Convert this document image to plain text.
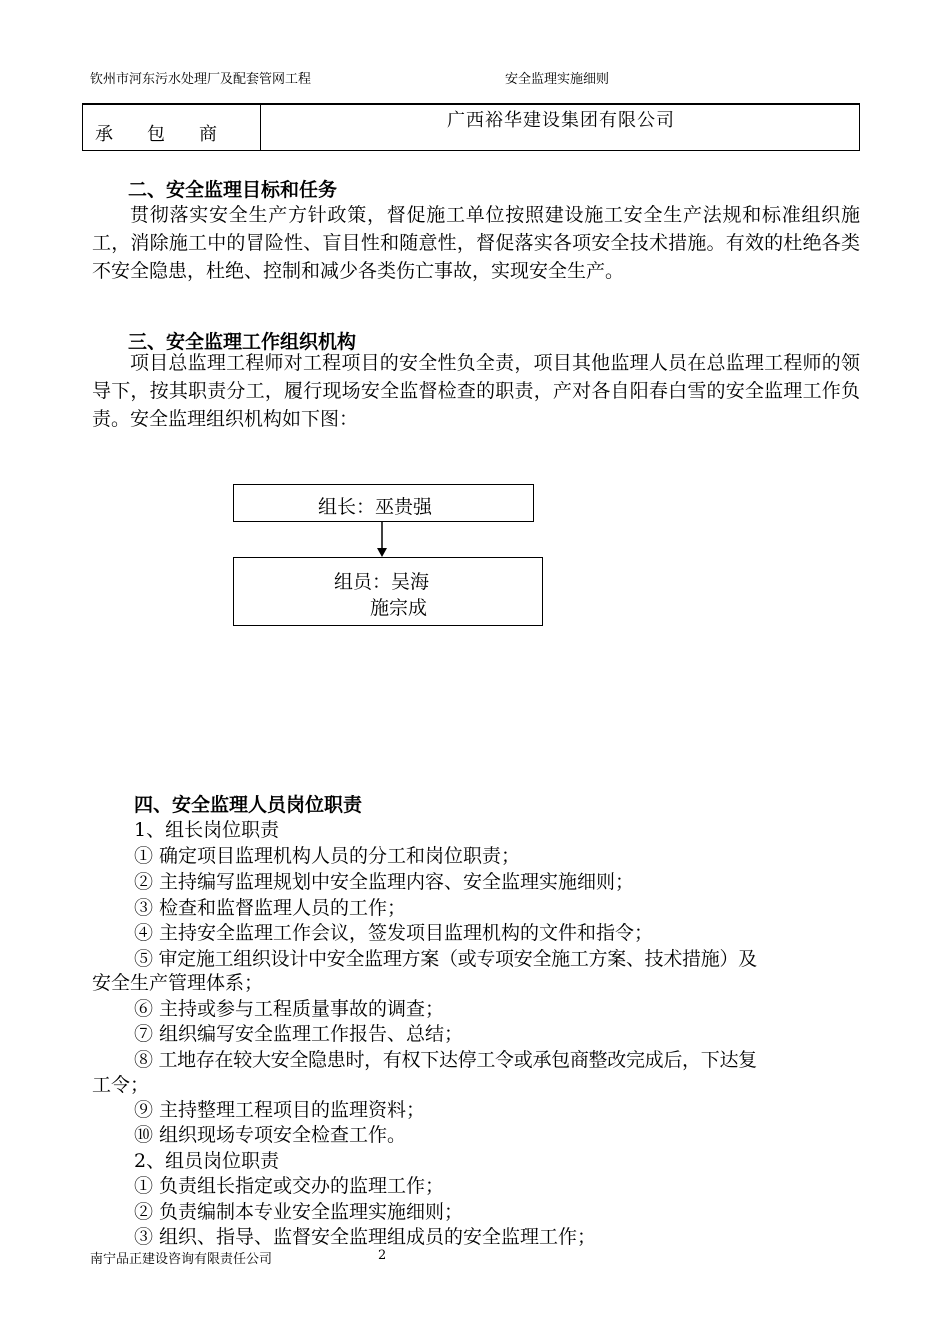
钦州市河东污水处理厂及配套管网工程	安全监理实施细则
承包商
广西裕华建设集团有限公司
二、安全监理目标和任务
贯彻落实安全生产方针政策，督促施工单位按照建设施工安全生产法规和标准组织施工，消除施工中的冒险性、盲目性和随意性，督促落实各项安全技术措施。有效的杜绝各类不安全隐患，杜绝、控制和减少各类伤亡事故，实现安全生产。
三、安全监理工作组织机构
项目总监理工程师对工程项目的安全性负全责，项目其他监理人员在总监理工程师的领导下，按其职责分工，履行现场安全监督检查的职责，产对各自阳春白雪的安全监理工作负责。安全监理组织机构如下图：
组长：巫贵强
组员：吴海
施宗成
四、安全监理人员岗位职责
1、组长岗位职责
① 确定项目监理机构人员的分工和岗位职责；
② 主持编写监理规划中安全监理内容、安全监理实施细则；
③ 检查和监督监理人员的工作；
④ 主持安全监理工作会议，签发项目监理机构的文件和指令；
⑤ 审定施工组织设计中安全监理方案（或专项安全施工方案、技术措施）及
安全生产管理体系；
⑥ 主持或参与工程质量事故的调查；
⑦ 组织编写安全监理工作报告、总结；
⑧ 工地存在较大安全隐患时，有权下达停工令或承包商整改完成后，下达复
工令；
⑨ 主持整理工程项目的监理资料；
⑩ 组织现场专项安全检查工作。
2、组员岗位职责
① 负责组长指定或交办的监理工作；
② 负责编制本专业安全监理实施细则；
③ 组织、指导、监督安全监理组成员的安全监理工作；
南宁品正建设咨询有限责任公司	2
